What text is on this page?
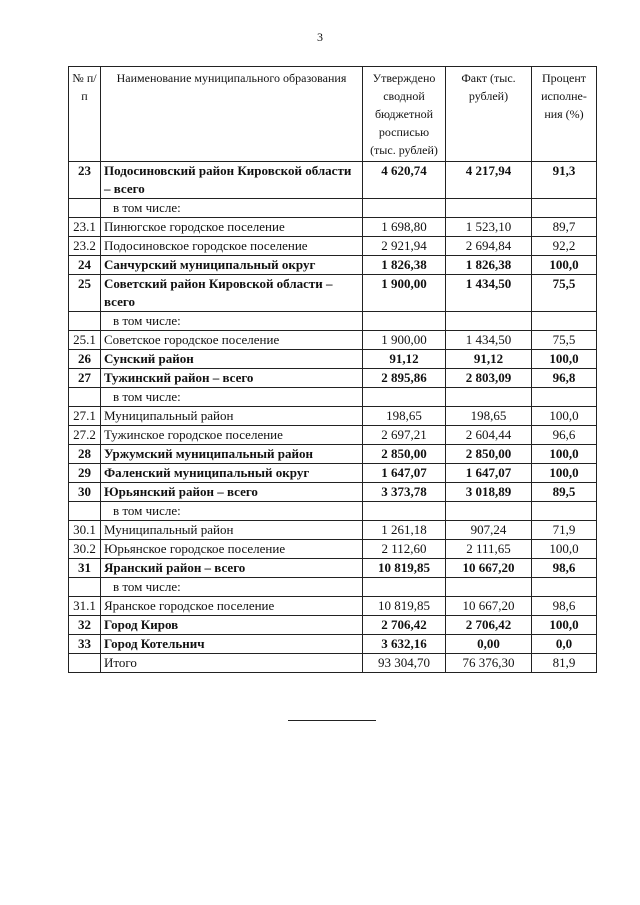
3
№ п/п	Наименование муниципального образования	Утверждено сводной бюджетной росписью (тыс. рублей)	Факт (тыс. рублей)	Процент исполне-ния (%)
23	Подосиновский район Кировской области – всего	4 620,74	4 217,94	91,3
	в том числе:			
23.1	Пинюгское городское поселение	1 698,80	1 523,10	89,7
23.2	Подосиновское городское поселение	2 921,94	2 694,84	92,2
24	Санчурский муниципальный округ	1 826,38	1 826,38	100,0
25	Советский район Кировской области – всего	1 900,00	1 434,50	75,5
	в том числе:			
25.1	Советское городское поселение	1 900,00	1 434,50	75,5
26	Сунский район	91,12	91,12	100,0
27	Тужинский район – всего	2 895,86	2 803,09	96,8
	в том числе:			
27.1	Муниципальный район	198,65	198,65	100,0
27.2	Тужинское городское поселение	2 697,21	2 604,44	96,6
28	Уржумский муниципальный район	2 850,00	2 850,00	100,0
29	Фаленский муниципальный округ	1 647,07	1 647,07	100,0
30	Юрьянский район – всего	3 373,78	3 018,89	89,5
	в том числе:			
30.1	Муниципальный район	1 261,18	907,24	71,9
30.2	Юрьянское городское поселение	2 112,60	2 111,65	100,0
31	Яранский район – всего	10 819,85	10 667,20	98,6
	в том числе:			
31.1	Яранское городское поселение	10 819,85	10 667,20	98,6
32	Город Киров	2 706,42	2 706,42	100,0
33	Город Котельнич	3 632,16	0,00	0,0
	Итого	93 304,70	76 376,30	81,9
